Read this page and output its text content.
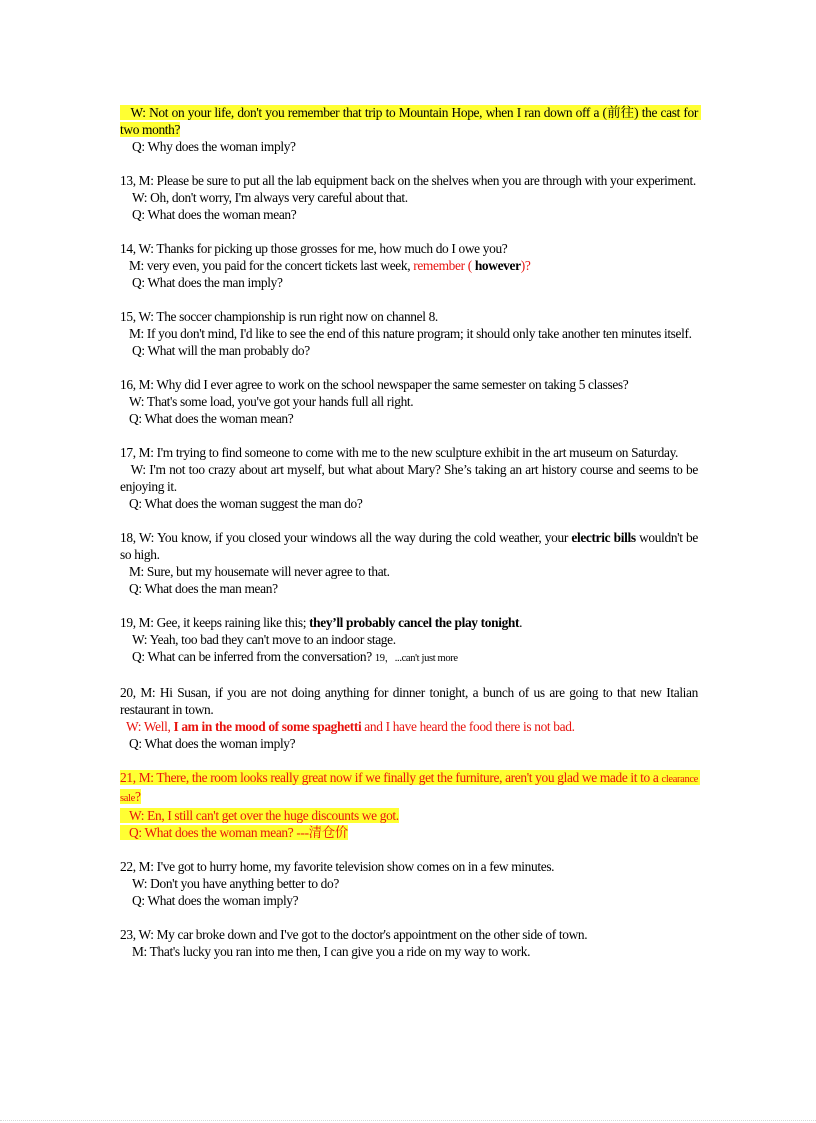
W: Not on your life, don't you remember that trip to Mountain Hope, when I ran down off a (前往) the cast for two month?
Q: Why does the woman imply?
13, M: Please be sure to put all the lab equipment back on the shelves when you are through with your experiment.
W: Oh, don't worry, I'm always very careful about that.
Q: What does the woman mean?
14, W: Thanks for picking up those grosses for me, how much do I owe you?
M: very even, you paid for the concert tickets last week, remember ( however)?
Q: What does the man imply?
15, W: The soccer championship is run right now on channel 8.
M: If you don't mind, I'd like to see the end of this nature program; it should only take another ten minutes itself.
Q: What will the man probably do?
16, M: Why did I ever agree to work on the school newspaper the same semester on taking 5 classes?
W: That's some load, you've got your hands full all right.
Q: What does the woman mean?
17, M: I'm trying to find someone to come with me to the new sculpture exhibit in the art museum on Saturday.
W: I'm not too crazy about art myself, but what about Mary? She’s taking an art history course and seems to be enjoying it.
Q: What does the woman suggest the man do?
18, W: You know, if you closed your windows all the way during the cold weather, your electric bills wouldn't be so high.
M: Sure, but my housemate will never agree to that.
Q: What does the man mean?
19, M: Gee, it keeps raining like this; they’ll probably cancel the play tonight.
W: Yeah, too bad they can't move to an indoor stage.
Q: What can be inferred from the conversation? 19，...can't just more
20, M: Hi Susan, if you are not doing anything for dinner tonight, a bunch of us are going to that new Italian restaurant in town.
W: Well, I am in the mood of some spaghetti and I have heard the food there is not bad.
Q: What does the woman imply?
21, M: There, the room looks really great now if we finally get the furniture, aren't you glad we made it to a clearance sale?
W: En, I still can't get over the huge discounts we got.
Q: What does the woman mean? ---清仓价
22, M: I've got to hurry home, my favorite television show comes on in a few minutes.
W: Don't you have anything better to do?
Q: What does the woman imply?
23, W: My car broke down and I've got to the doctor's appointment on the other side of town.
M: That's lucky you ran into me then, I can give you a ride on my way to work.
